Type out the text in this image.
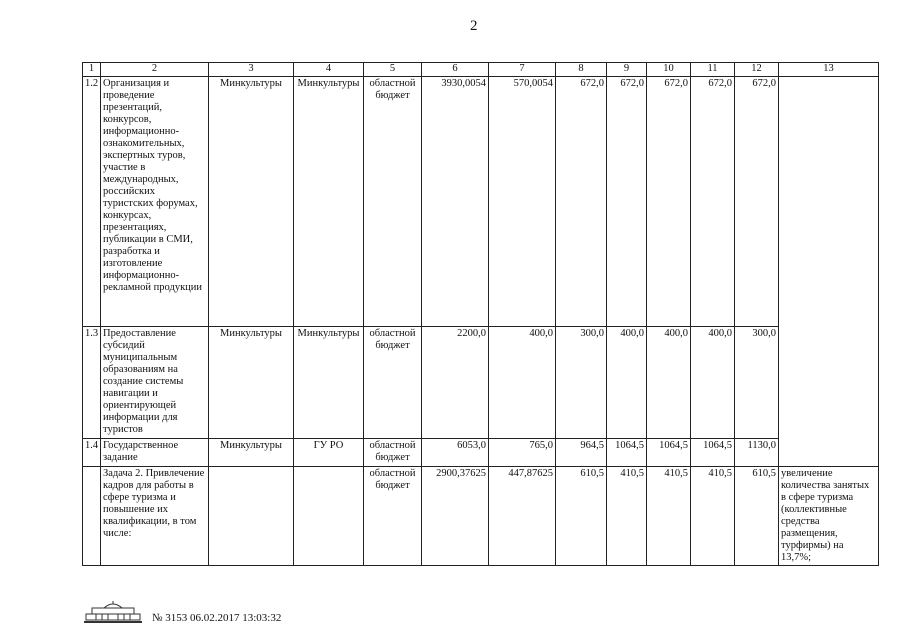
2
1	2	3	4	5	6	7	8	9	10	11	12	13
1.2	Организация и проведение презентаций, конкурсов, информационно-ознакомительных, экспертных туров, участие в международных, российских туристских форумах, конкурсах, презентациях, публикации в СМИ, разработка и изготовление информационно-рекламной продукции	Минкультуры	Минкультуры	областной бюджет	3930,0054	570,0054	672,0	672,0	672,0	672,0	672,0	
1.3	Предоставление субсидий муниципальным образованиям на создание системы навигации и ориентирующей информации для туристов	Минкультуры	Минкультуры	областной бюджет	2200,0	400,0	300,0	400,0	400,0	400,0	300,0	
1.4	Государственное задание	Минкультуры	ГУ РО	областной бюджет	6053,0	765,0	964,5	1064,5	1064,5	1064,5	1130,0	
	Задача 2. Привлечение кадров для работы в сфере туризма и повышение их квалификации, в том числе:			областной бюджет	2900,37625	447,87625	610,5	410,5	410,5	410,5	610,5	увеличение количества занятых в сфере туризма (коллективные средства размещения, турфирмы) на 13,7%;
№ 3153 06.02.2017 13:03:32
